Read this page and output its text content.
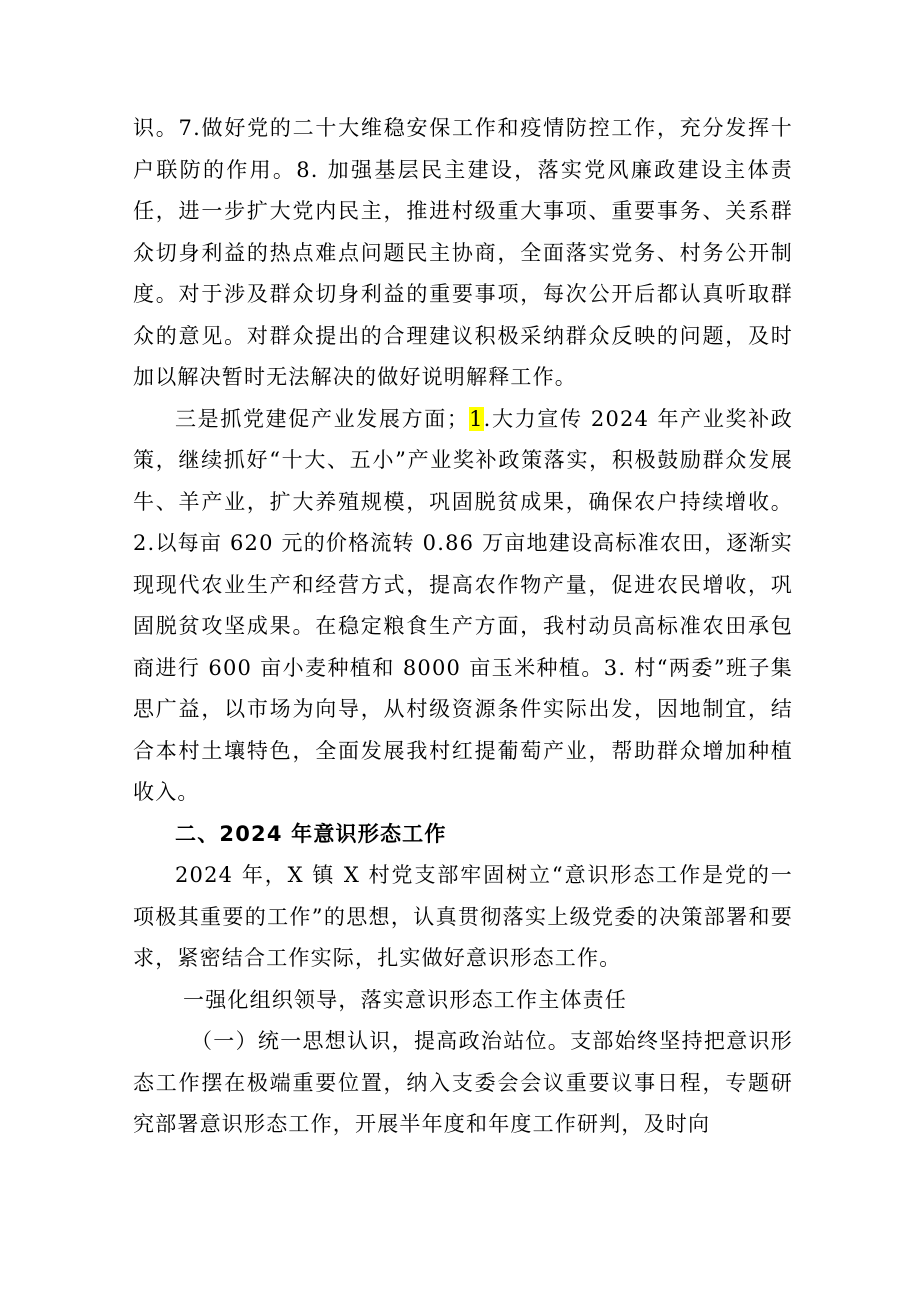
识。7.做好党的二十大维稳安保工作和疫情防控工作，充分发挥十户联防的作用。8. 加强基层民主建设，落实党风廉政建设主体责任，进一步扩大党内民主，推进村级重大事项、重要事务、关系群众切身利益的热点难点问题民主协商，全面落实党务、村务公开制度。对于涉及群众切身利益的重要事项，每次公开后都认真听取群众的意见。对群众提出的合理建议积极采纳群众反映的问题，及时加以解决暂时无法解决的做好说明解释工作。

三是抓党建促产业发展方面；1.大力宣传 2024 年产业奖补政策，继续抓好“十大、五小”产业奖补政策落实，积极鼓励群众发展牛、羊产业，扩大养殖规模，巩固脱贫成果，确保农户持续增收。2.以每亩 620 元的价格流转 0.86 万亩地建设高标准农田，逐渐实现现代农业生产和经营方式，提高农作物产量，促进农民增收，巩固脱贫攻坚成果。在稳定粮食生产方面，我村动员高标准农田承包商进行 600 亩小麦种植和 8000 亩玉米种植。3. 村“两委”班子集思广益，以市场为向导，从村级资源条件实际出发，因地制宜，结合本村土壤特色，全面发展我村红提葡萄产业，帮助群众增加种植收入。

二、2024 年意识形态工作

2024 年，X 镇 X 村党支部牢固树立“意识形态工作是党的一项极其重要的工作”的思想，认真贯彻落实上级党委的决策部署和要求，紧密结合工作实际，扎实做好意识形态工作。

一强化组织领导，落实意识形态工作主体责任

（一）统一思想认识，提高政治站位。支部始终坚持把意识形态工作摆在极端重要位置，纳入支委会会议重要议事日程，专题研究部署意识形态工作，开展半年度和年度工作研判，及时向
